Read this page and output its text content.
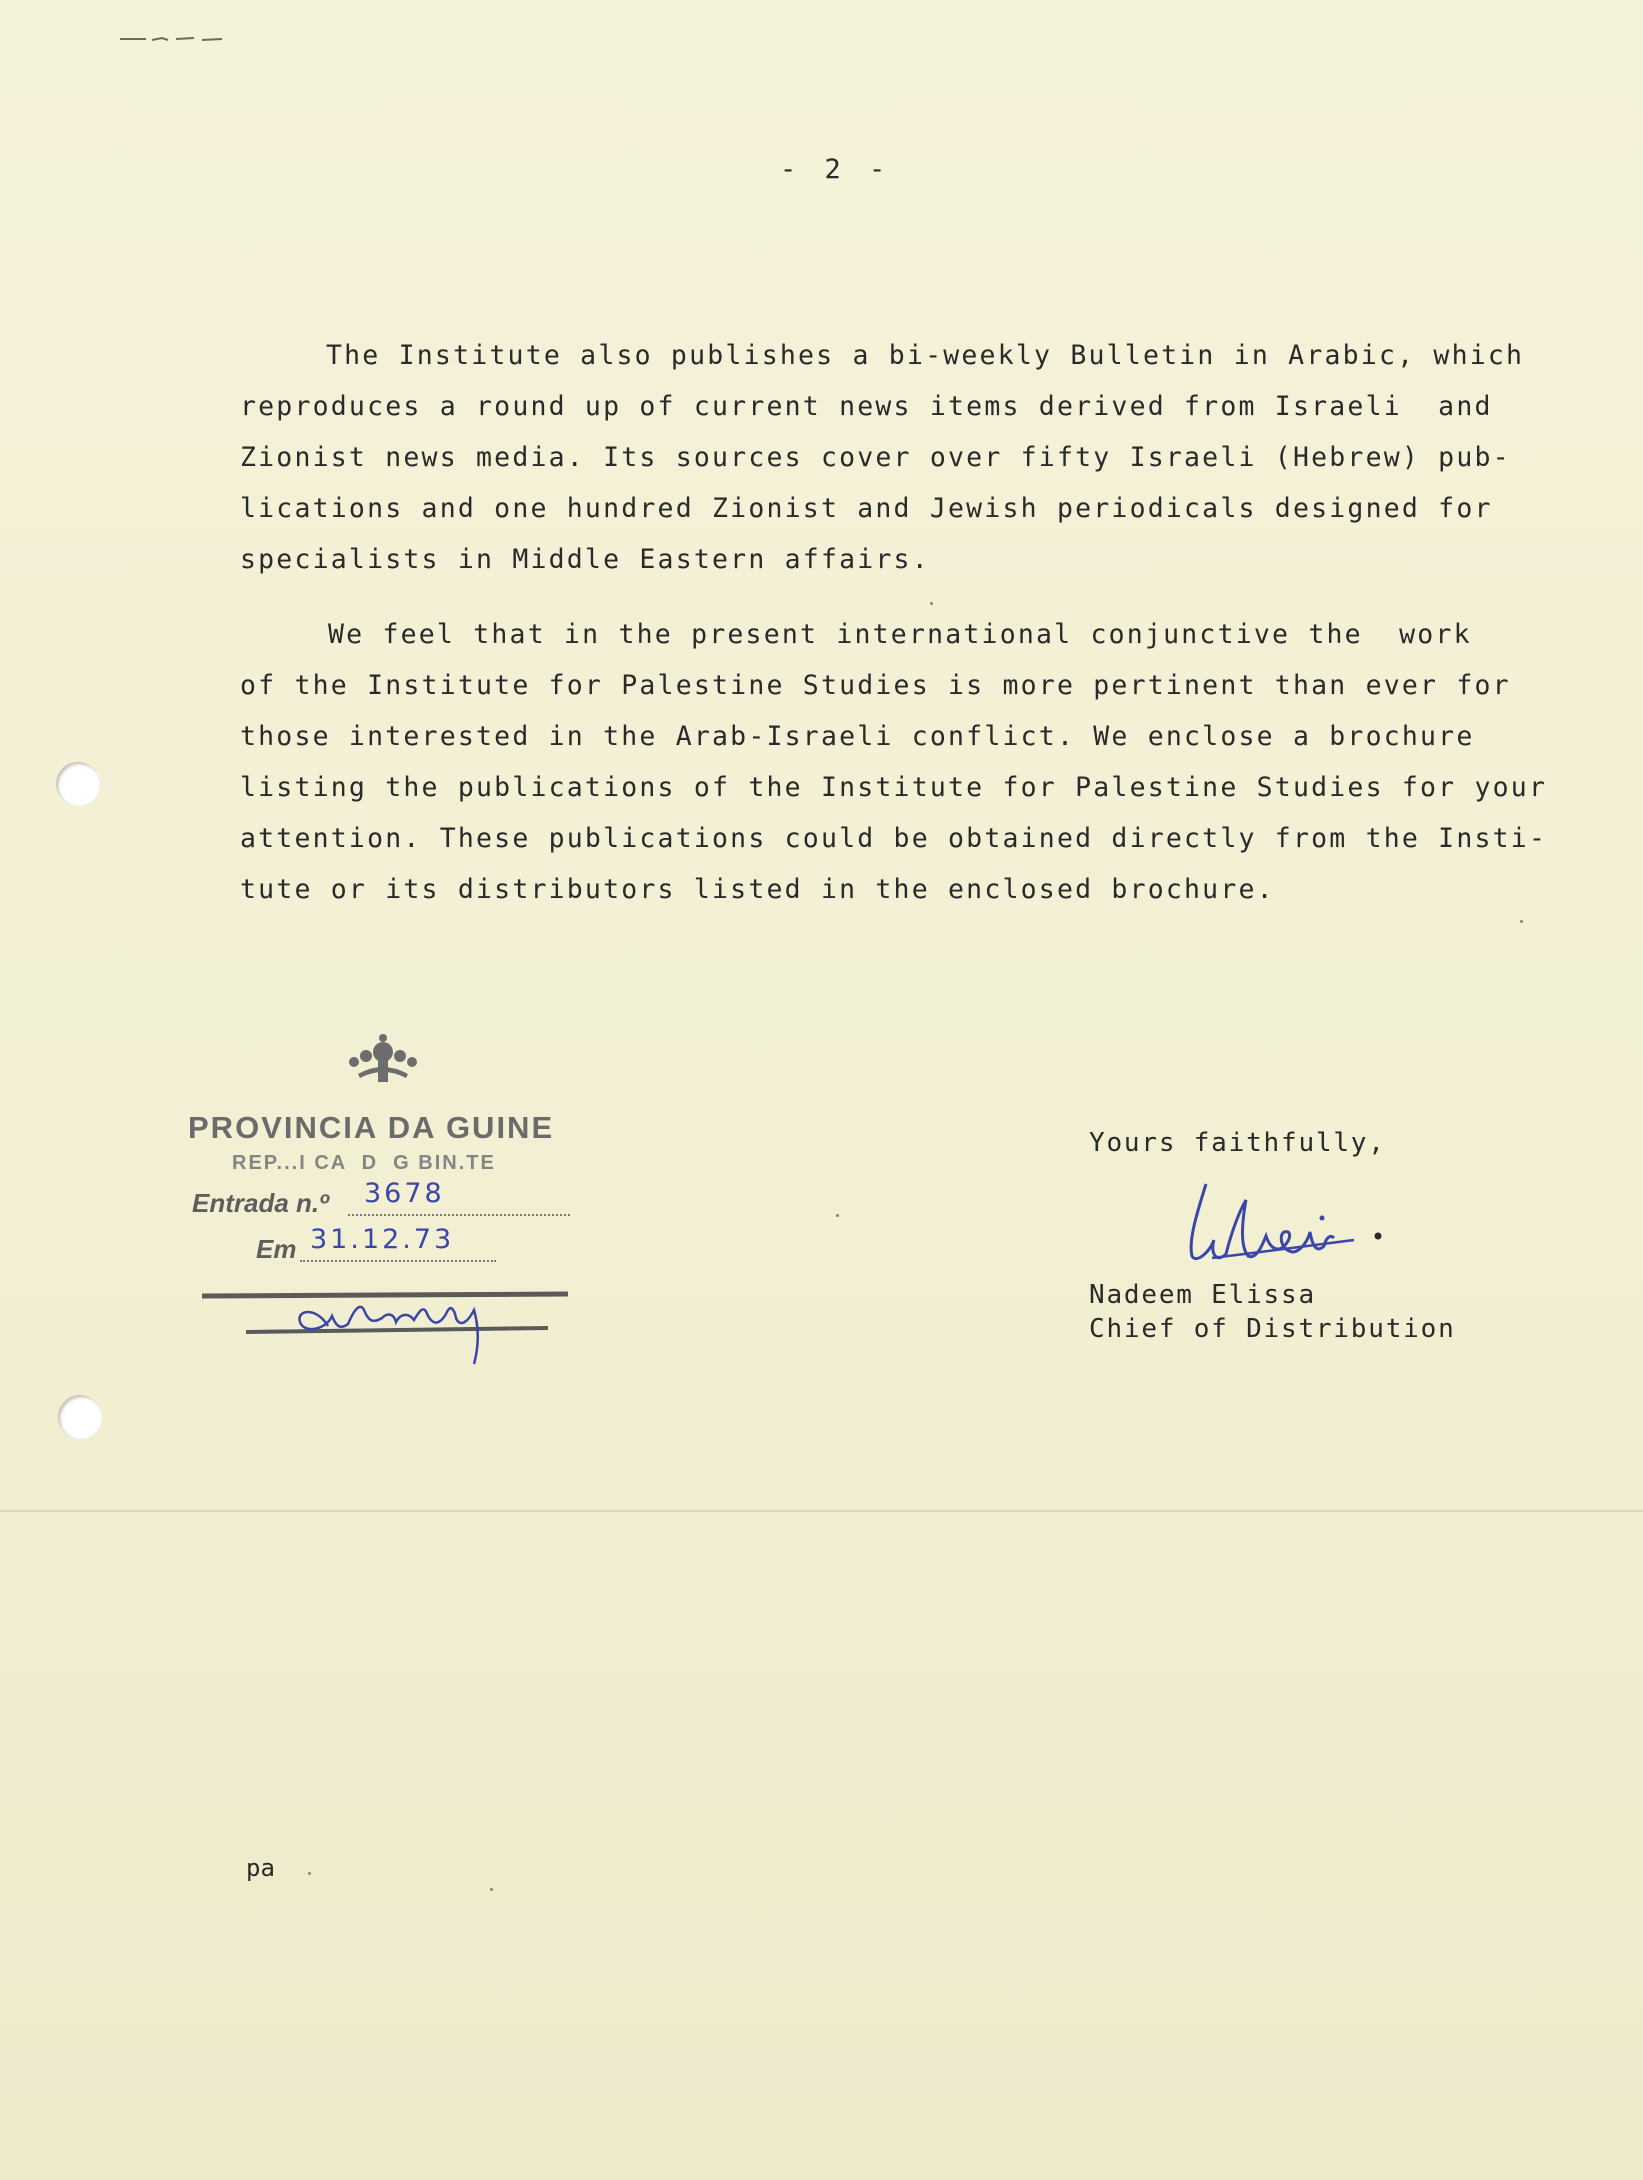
- 2 -
The Institute also publishes a bi-weekly Bulletin in Arabic, which
reproduces a round up of current news items derived from Israeli  and
Zionist news media. Its sources cover over fifty Israeli (Hebrew) pub-
lications and one hundred Zionist and Jewish periodicals designed for
specialists in Middle Eastern affairs.
We feel that in the present international conjunctive the  work
of the Institute for Palestine Studies is more pertinent than ever for
those interested in the Arab-Israeli conflict. We enclose a brochure
listing the publications of the Institute for Palestine Studies for your
attention. These publications could be obtained directly from the Insti-
tute or its distributors listed in the enclosed brochure.
PROVINCIA DA GUINE
REP...I CA  D  G BIN.TE
Entrada n.º 3678
Em 31.12.73
Yours faithfully,
Nadeem Elissa
Chief of Distribution
pa
